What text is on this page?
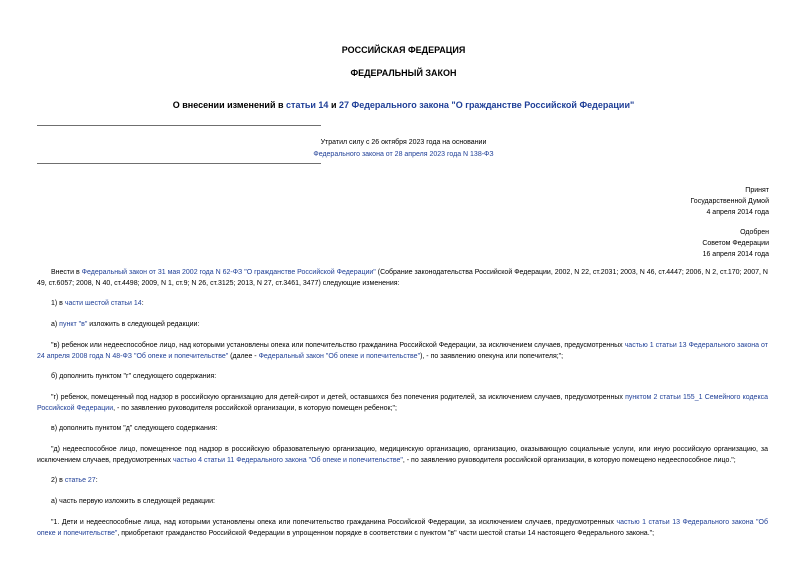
РОССИЙСКАЯ ФЕДЕРАЦИЯ
ФЕДЕРАЛЬНЫЙ ЗАКОН
О внесении изменений в статьи 14 и 27 Федерального закона "О гражданстве Российской Федерации"
Утратил силу с 26 октября 2023 года на основании
Федерального закона от 28 апреля 2023 года N 138-ФЗ
Принят
Государственной Думой
4 апреля 2014 года
Одобрен
Советом Федерации
16 апреля 2014 года
Внести в Федеральный закон от 31 мая 2002 года N 62-ФЗ "О гражданстве Российской Федерации" (Собрание законодательства Российской Федерации, 2002, N 22, ст.2031; 2003, N 46, ст.4447; 2006, N 2, ст.170; 2007, N 49, ст.6057; 2008, N 40, ст.4498; 2009, N 1, ст.9; N 26, ст.3125; 2013, N 27, ст.3461, 3477) следующие изменения:
1) в части шестой статьи 14:
а) пункт "в" изложить в следующей редакции:
"в) ребенок или недееспособное лицо, над которыми установлены опека или попечительство гражданина Российской Федерации, за исключением случаев, предусмотренных частью 1 статьи 13 Федерального закона от 24 апреля 2008 года N 48-ФЗ "Об опеке и попечительстве" (далее - Федеральный закон "Об опеке и попечительстве"), - по заявлению опекуна или попечителя;";
б) дополнить пунктом "г" следующего содержания:
"г) ребенок, помещенный под надзор в российскую организацию для детей-сирот и детей, оставшихся без попечения родителей, за исключением случаев, предусмотренных пунктом 2 статьи 155_1 Семейного кодекса Российской Федерации, - по заявлению руководителя российской организации, в которую помещен ребенок;";
в) дополнить пунктом "д" следующего содержания:
"д) недееспособное лицо, помещенное под надзор в российскую образовательную организацию, медицинскую организацию, организацию, оказывающую социальные услуги, или иную российскую организацию, за исключением случаев, предусмотренных частью 4 статьи 11 Федерального закона "Об опеке и попечительстве", - по заявлению руководителя российской организации, в которую помещено недееспособное лицо.";
2) в статье 27:
а) часть первую изложить в следующей редакции:
"1. Дети и недееспособные лица, над которыми установлены опека или попечительство гражданина Российской Федерации, за исключением случаев, предусмотренных частью 1 статьи 13 Федерального закона "Об опеке и попечительстве", приобретают гражданство Российской Федерации в упрощенном порядке в соответствии с пунктом "в" части шестой статьи 14 настоящего Федерального закона.";
